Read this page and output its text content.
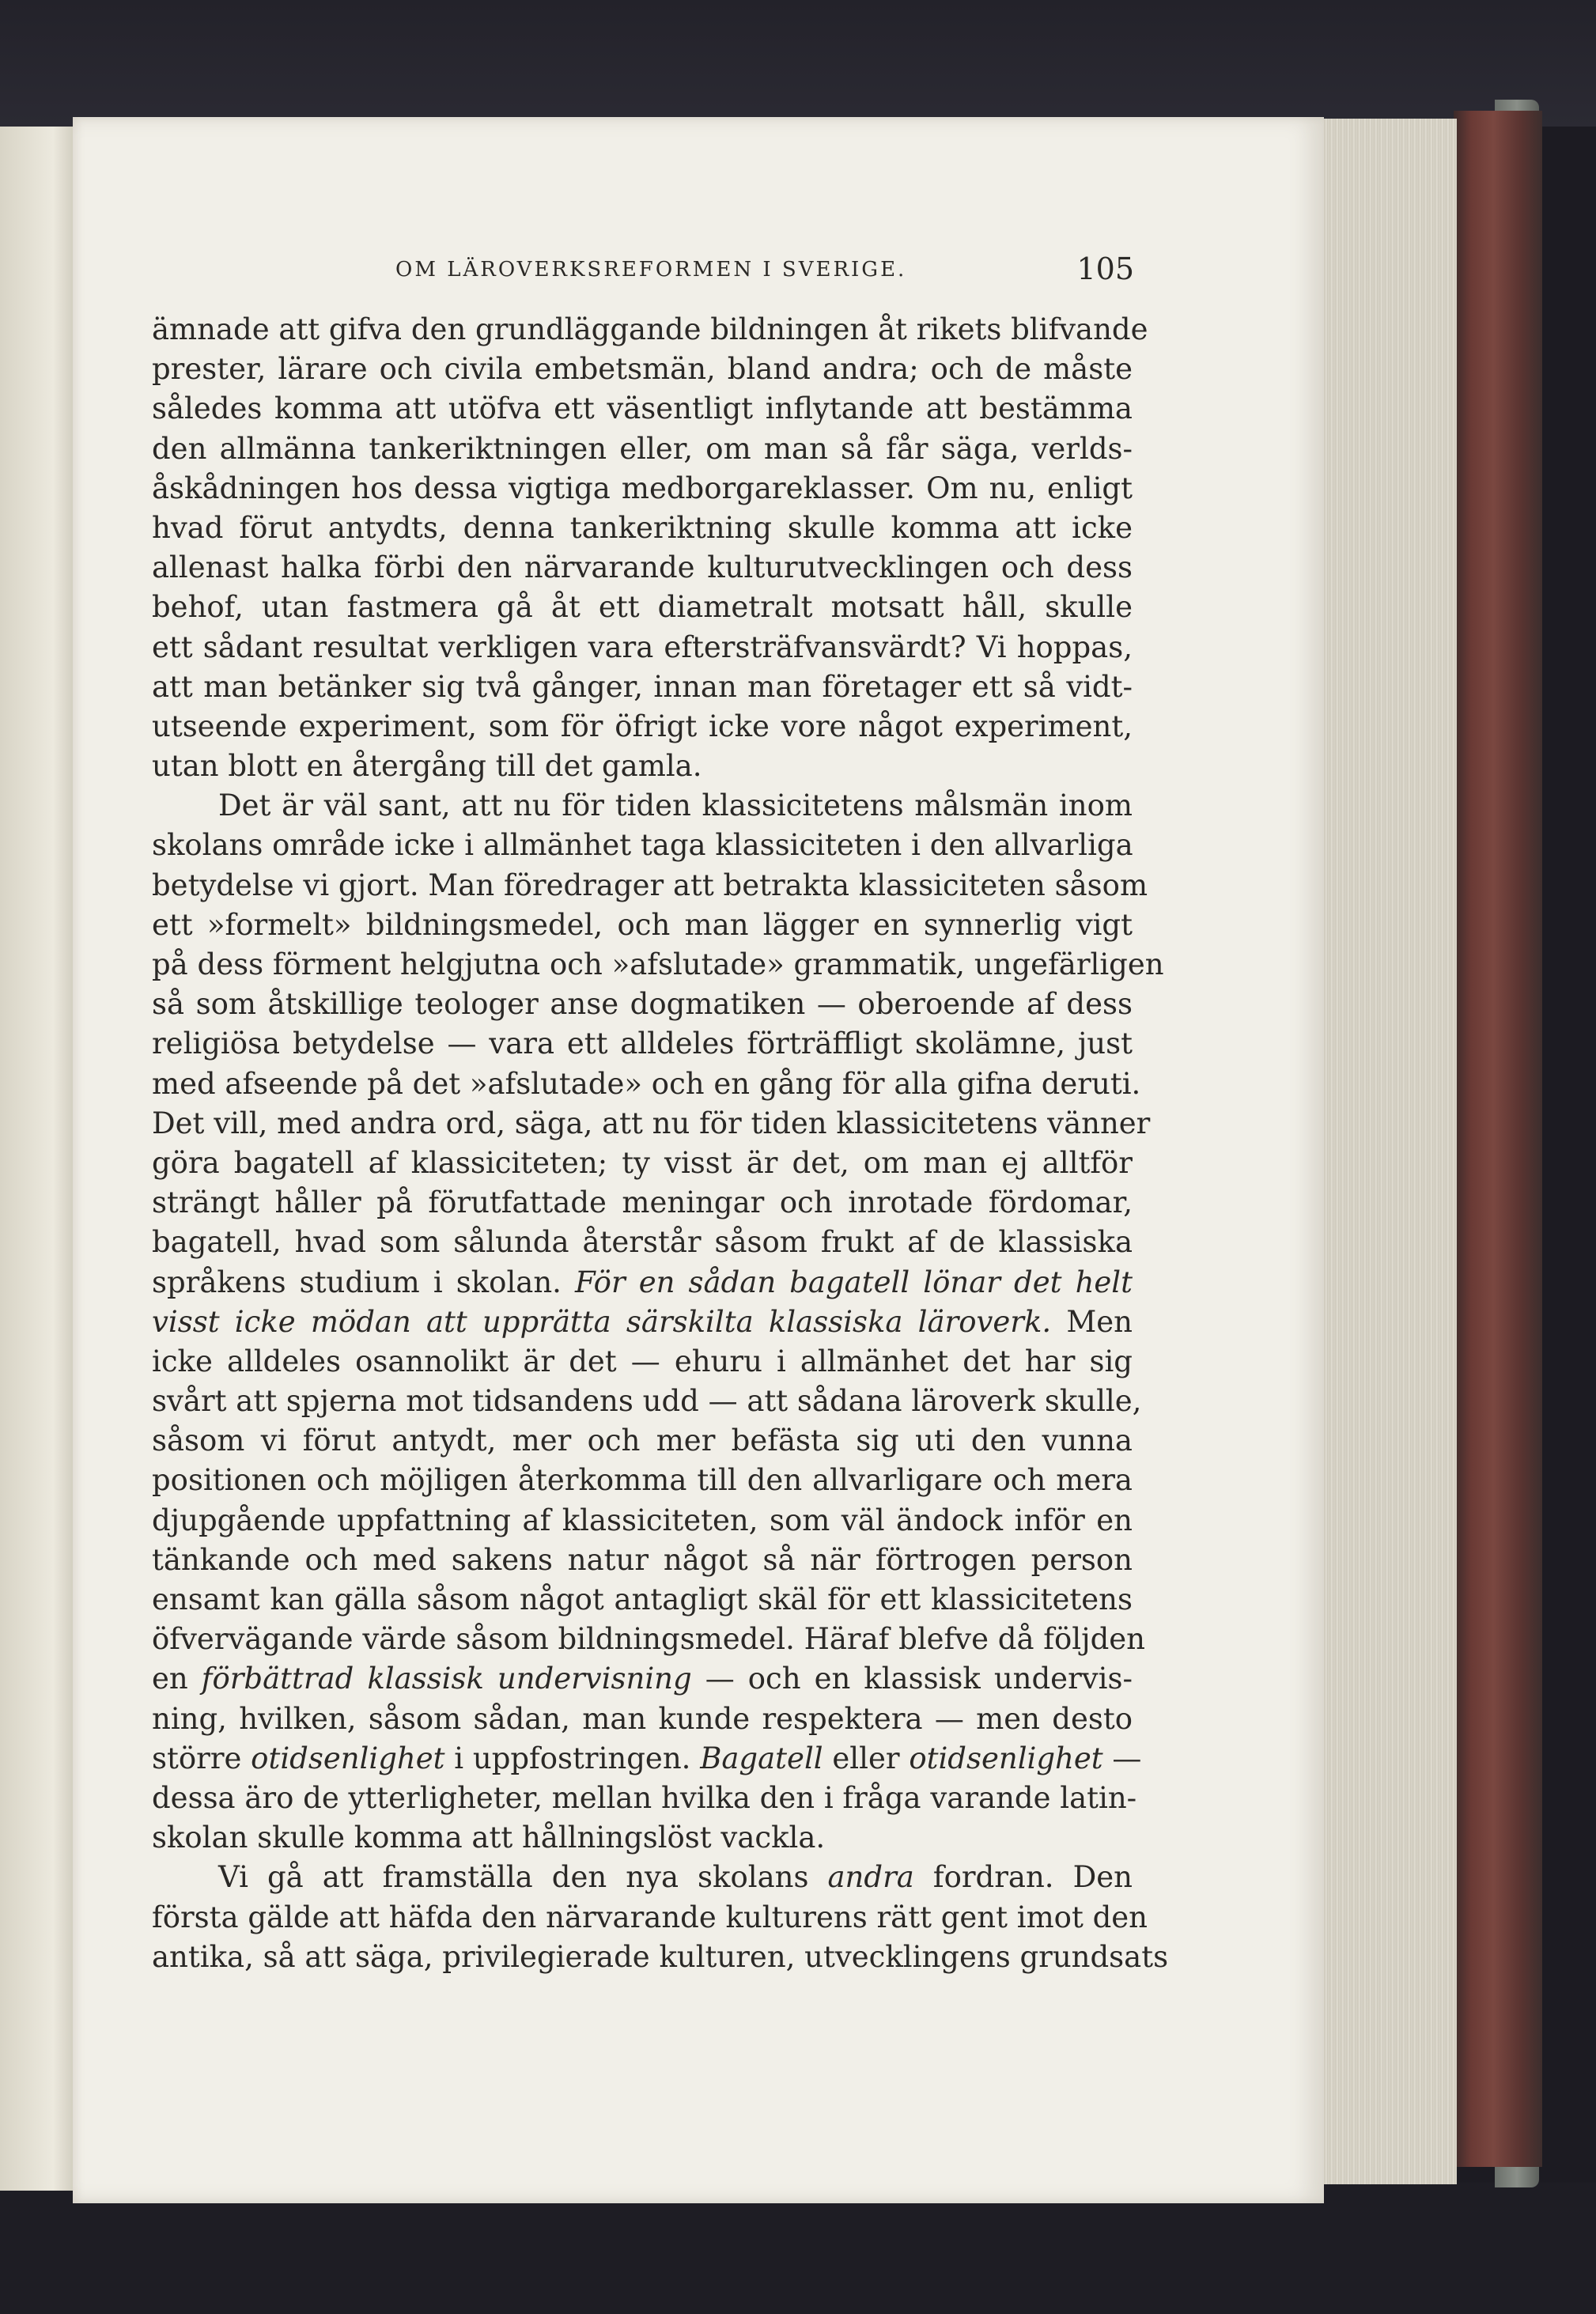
OM LÄROVERKSREFORMEN I SVERIGE.	105
ämnade att gifva den grundläggande bildningen åt rikets blifvande
prester, lärare och civila embetsmän, bland andra; och de måste
således komma att utöfva ett väsentligt inflytande att bestämma
den allmänna tankeriktningen eller, om man så får säga, verlds-
åskådningen hos dessa vigtiga medborgareklasser. Om nu, enligt
hvad förut antydts, denna tankeriktning skulle komma att icke
allenast halka förbi den närvarande kulturutvecklingen och dess
behof, utan fastmera gå åt ett diametralt motsatt håll, skulle
ett sådant resultat verkligen vara eftersträfvansvärdt? Vi hoppas,
att man betänker sig två gånger, innan man företager ett så vidt-
utseende experiment, som för öfrigt icke vore något experiment,
utan blott en återgång till det gamla.
Det är väl sant, att nu för tiden klassicitetens målsmän inom
skolans område icke i allmänhet taga klassiciteten i den allvarliga
betydelse vi gjort. Man föredrager att betrakta klassiciteten såsom
ett »formelt» bildningsmedel, och man lägger en synnerlig vigt
på dess förment helgjutna och »afslutade» grammatik, ungefärligen
så som åtskillige teologer anse dogmatiken — oberoende af dess
religiösa betydelse — vara ett alldeles förträffligt skolämne, just
med afseende på det »afslutade» och en gång för alla gifna deruti.
Det vill, med andra ord, säga, att nu för tiden klassicitetens vänner
göra bagatell af klassiciteten; ty visst är det, om man ej alltför
strängt håller på förutfattade meningar och inrotade fördomar,
bagatell, hvad som sålunda återstår såsom frukt af de klassiska
språkens studium i skolan. För en sådan bagatell lönar det helt
visst icke mödan att upprätta särskilta klassiska läroverk. Men
icke alldeles osannolikt är det — ehuru i allmänhet det har sig
svårt att spjerna mot tidsandens udd — att sådana läroverk skulle,
såsom vi förut antydt, mer och mer befästa sig uti den vunna
positionen och möjligen återkomma till den allvarligare och mera
djupgående uppfattning af klassiciteten, som väl ändock inför en
tänkande och med sakens natur något så när förtrogen person
ensamt kan gälla såsom något antagligt skäl för ett klassicitetens
öfvervägande värde såsom bildningsmedel. Häraf blefve då följden
en förbättrad klassisk undervisning — och en klassisk undervis-
ning, hvilken, såsom sådan, man kunde respektera — men desto
större otidsenlighet i uppfostringen. Bagatell eller otidsenlighet —
dessa äro de ytterligheter, mellan hvilka den i fråga varande latin-
skolan skulle komma att hållningslöst vackla.
Vi gå att framställa den nya skolans andra fordran. Den
första gälde att häfda den närvarande kulturens rätt gent imot den
antika, så att säga, privilegierade kulturen, utvecklingens grundsats
